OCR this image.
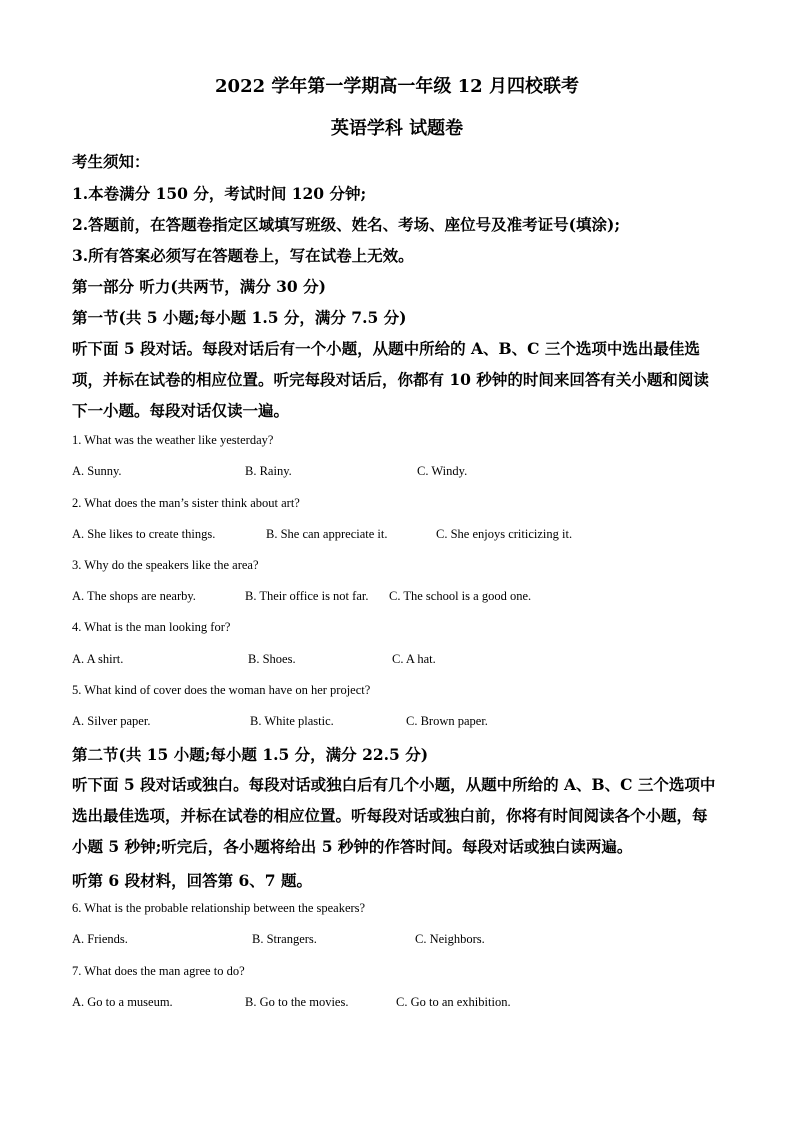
2022 学年第一学期高一年级 12 月四校联考
英语学科 试题卷
考生须知：
1.本卷满分 150 分，考试时间 120 分钟;
2.答题前，在答题卷指定区域填写班级、姓名、考场、座位号及准考证号(填涂);
3.所有答案必须写在答题卷上，写在试卷上无效。
第一部分 听力(共两节，满分 30 分)
第一节(共 5 小题;每小题 1.5 分，满分 7.5 分)
听下面 5 段对话。每段对话后有一个小题，从题中所给的 A、B、C 三个选项中选出最佳选项，并标在试卷的相应位置。听完每段对话后，你都有 10 秒钟的时间来回答有关小题和阅读下一小题。每段对话仅读一遍。
1. What was the weather like yesterday?
A. Sunny.	B. Rainy.	C. Windy.
2. What does the man’s sister think about art?
A. She likes to create things.	B. She can appreciate it.	C. She enjoys criticizing it.
3. Why do the speakers like the area?
A. The shops are nearby.	B. Their office is not far. C. The school is a good one.
4. What is the man looking for?
A. A shirt.	B. Shoes.	C. A hat.
5. What kind of cover does the woman have on her project?
A. Silver paper.	B. White plastic.	C. Brown paper.
第二节(共 15 小题;每小题 1.5 分，满分 22.5 分)
听下面 5 段对话或独白。每段对话或独白后有几个小题，从题中所给的 A、B、C 三个选项中选出最佳选项，并标在试卷的相应位置。听每段对话或独白前，你将有时间阅读各个小题，每小题 5 秒钟;听完后，各小题将给出 5 秒钟的作答时间。每段对话或独白读两遍。
听第 6 段材料，回答第 6、7 题。
6. What is the probable relationship between the speakers?
A. Friends.	B. Strangers.	C. Neighbors.
7. What does the man agree to do?
A. Go to a museum.	B. Go to the movies.	C. Go to an exhibition.
